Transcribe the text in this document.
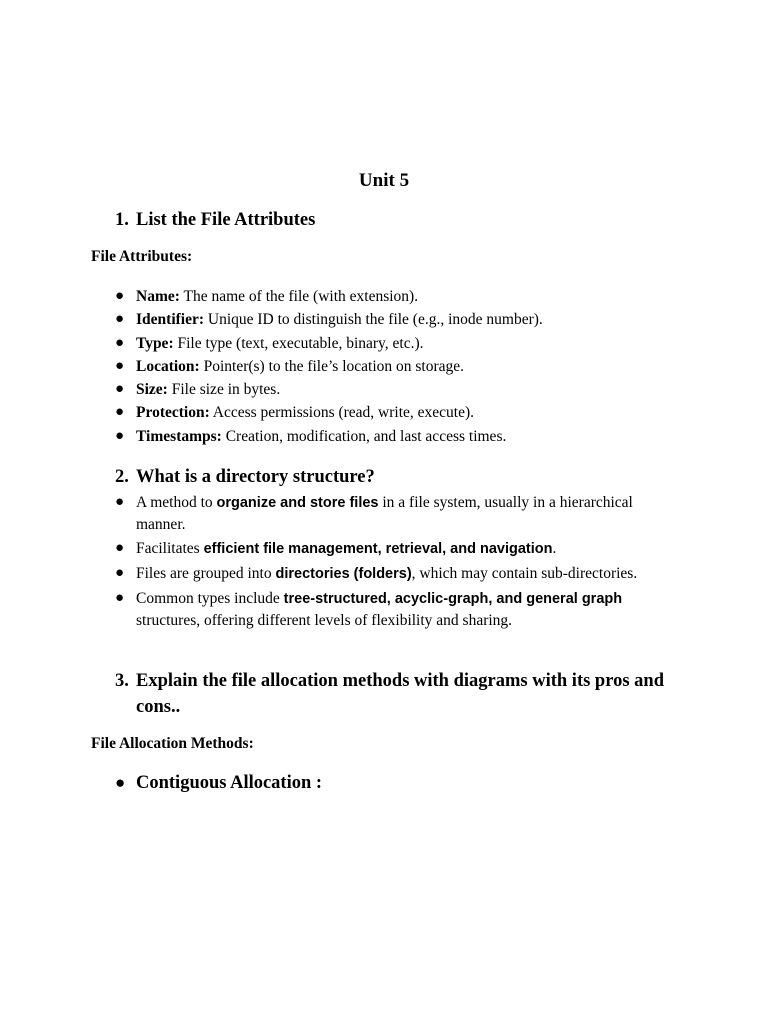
Unit 5
1. List the File Attributes
File Attributes:
● Name: The name of the file (with extension).
● Identifier: Unique ID to distinguish the file (e.g., inode number).
● Type: File type (text, executable, binary, etc.).
● Location: Pointer(s) to the file’s location on storage.
● Size: File size in bytes.
● Protection: Access permissions (read, write, execute).
● Timestamps: Creation, modification, and last access times.
2. What is a directory structure?
● A method to organize and store files in a file system, usually in a hierarchical manner.
● Facilitates efficient file management, retrieval, and navigation.
● Files are grouped into directories (folders), which may contain sub-directories.
● Common types include tree-structured, acyclic-graph, and general graph structures, offering different levels of flexibility and sharing.
3. Explain the file allocation methods with diagrams with its pros and cons..
File Allocation Methods:
● Contiguous Allocation :
